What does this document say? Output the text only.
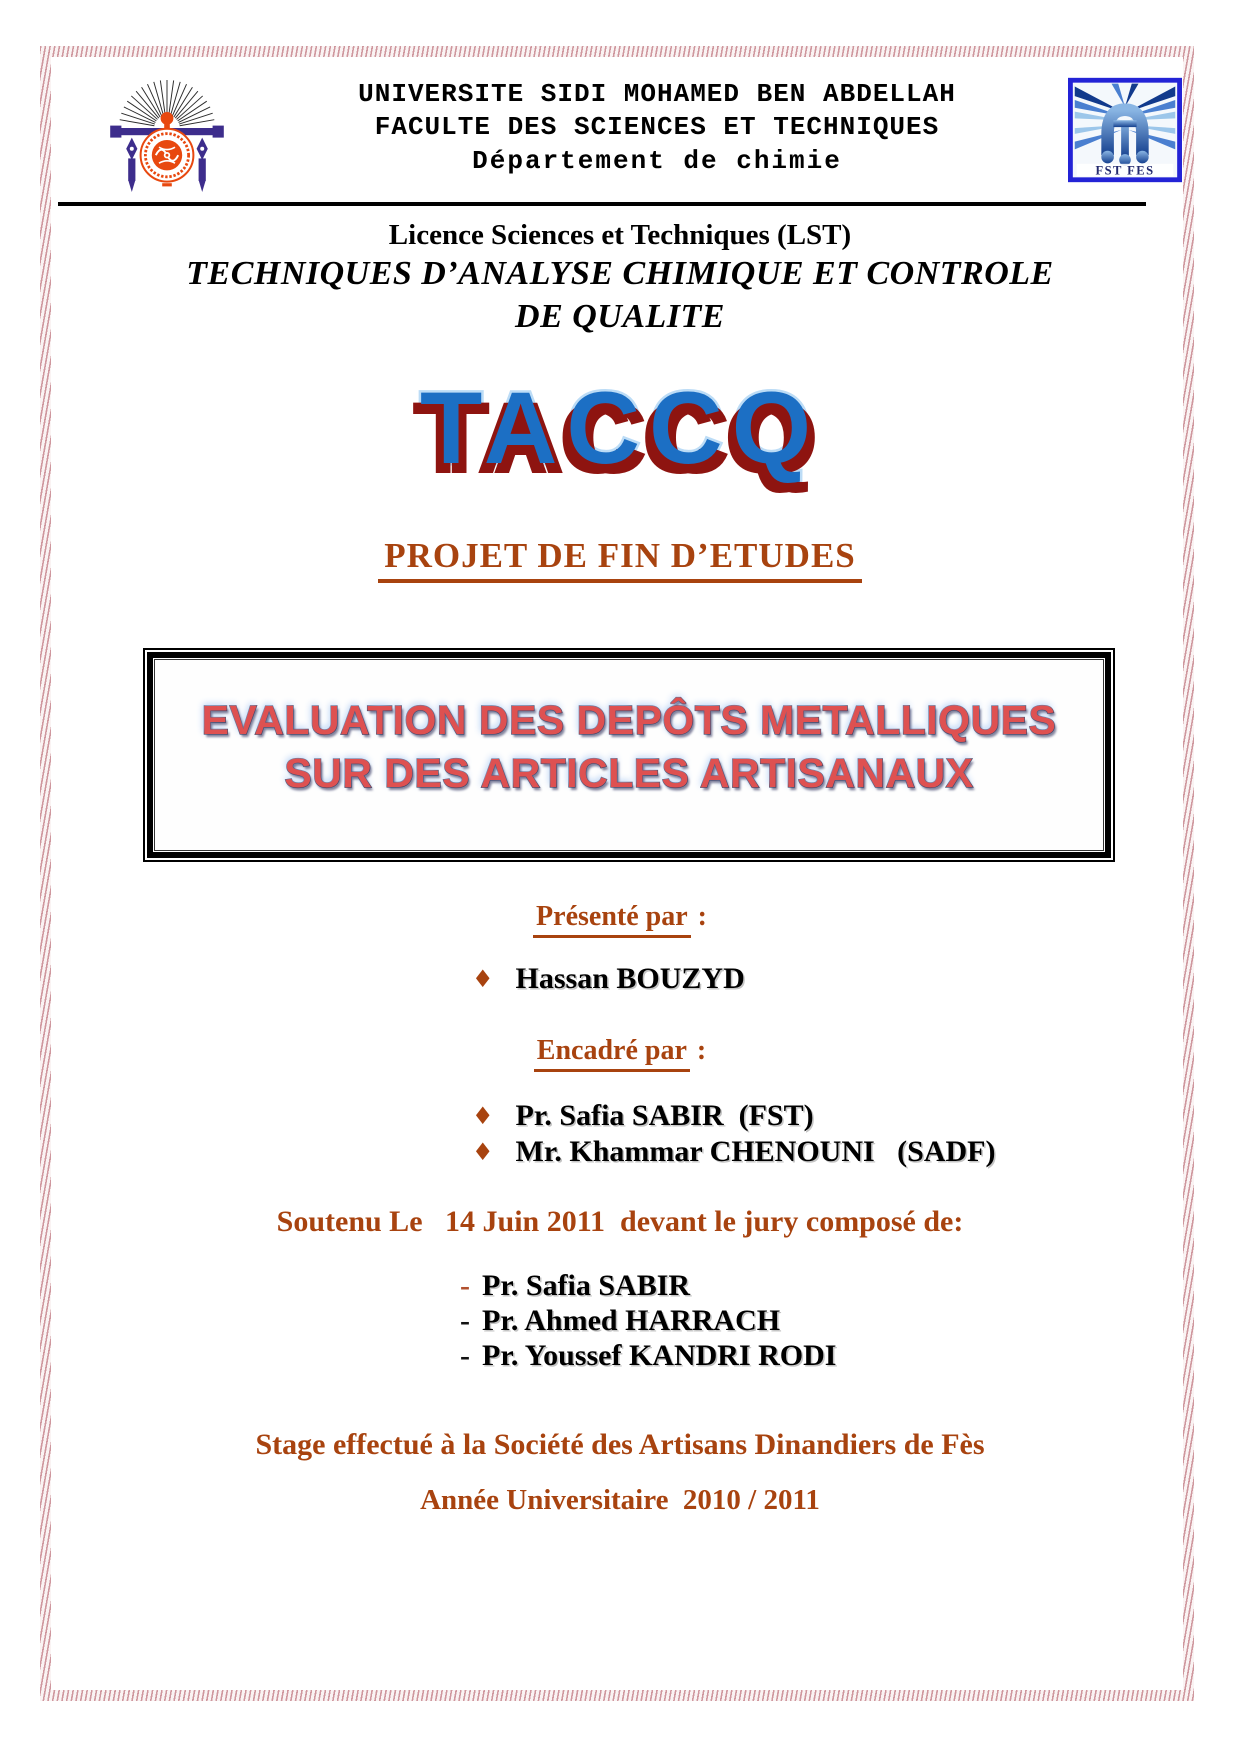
UNIVERSITE SIDI MOHAMED BEN ABDELLAH
FACULTE DES SCIENCES ET TECHNIQUES
Département de chimie	FST FES
Licence Sciences et Techniques (LST)
TECHNIQUES D’ANALYSE CHIMIQUE ET CONTROLE
DE QUALITE
TACCQ
PROJET DE FIN D’ETUDES
EVALUATION DES DEPÔTS METALLIQUES
SUR DES ARTICLES ARTISANAUX
Présenté par :
♦ Hassan BOUZYD
Encadré par :
♦ Pr. Safia SABIR  (FST)
♦ Mr. Khammar CHENOUNI   (SADF)
Soutenu Le   14 Juin 2011  devant le jury composé de:
- Pr. Safia SABIR
- Pr. Ahmed HARRACH
- Pr. Youssef KANDRI RODI
Stage effectué à la Société des Artisans Dinandiers de Fès
Année Universitaire  2010 / 2011
